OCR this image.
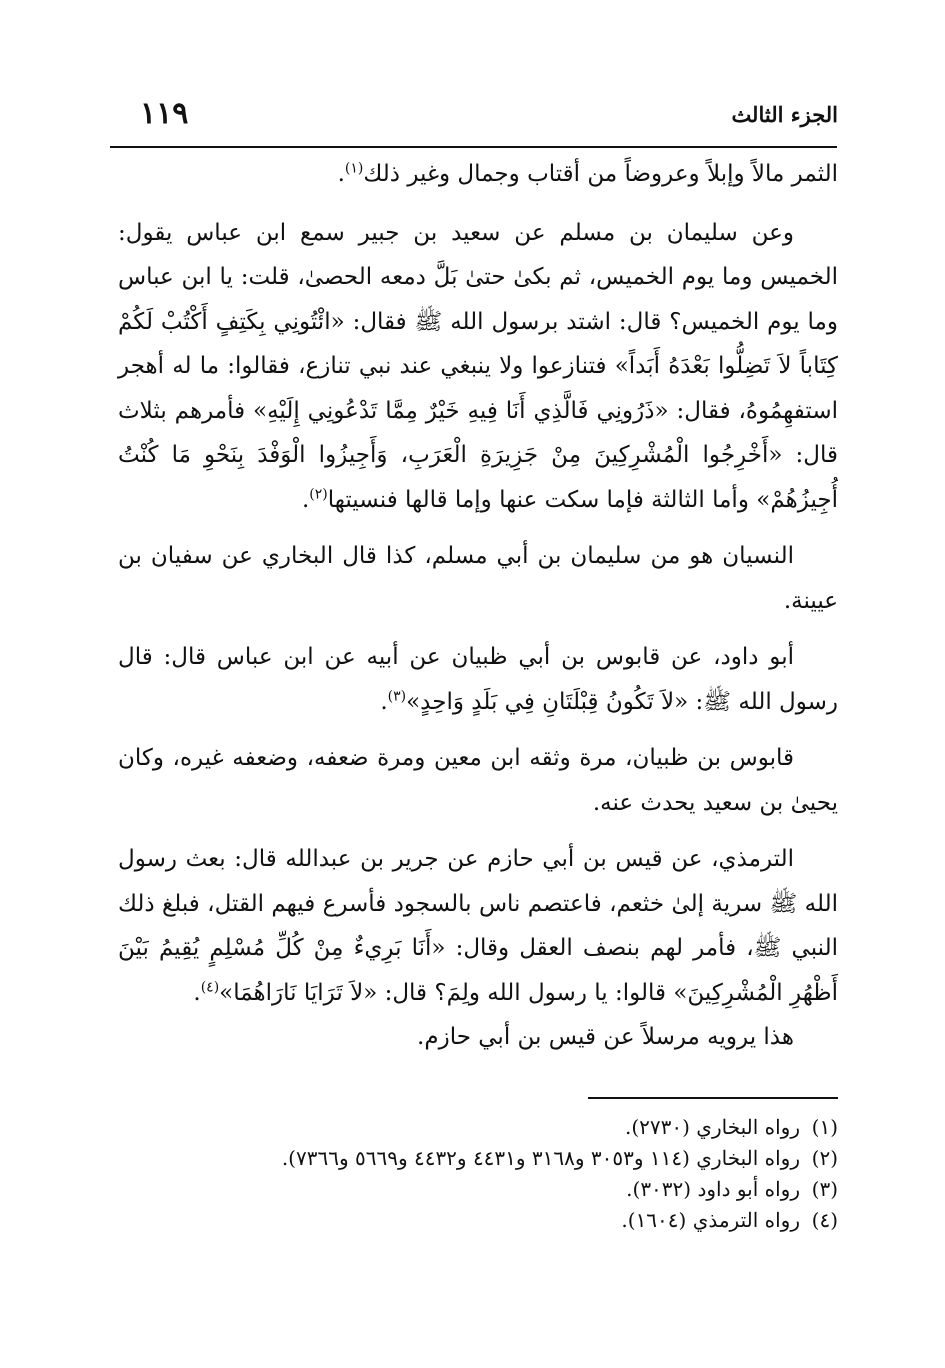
الجزء الثالث
١١٩

الثمر مالاً وإبلاً وعروضاً من أقتاب وجمال وغير ذلك$^{(١)}$.

وعن سليمان بن مسلم عن سعيد بن جبير سمع ابن عباس يقول: الخميس وما يوم الخميس، ثم بكىٰ حتىٰ بَلَّ دمعه الحصىٰ، قلت: يا ابن عباس وما يوم الخميس؟ قال: اشتد برسول الله ﷺ فقال: «ائْتُونِي بِكَتِفٍ أَكْتُبْ لَكُمْ كِتَاباً لاَ تَضِلُّوا بَعْدَهُ أَبَداً» فتنازعوا ولا ينبغي عند نبي تنازع، فقالوا: ما له أهجر استفهِمُوهُ، فقال: «ذَرُونِي فَالَّذِي أَنَا فِيهِ خَيْرٌ مِمَّا تَدْعُونِي إِلَيْهِ» فأمرهم بثلاث قال: «أَخْرِجُوا الْمُشْرِكِينَ مِنْ جَزِيرَةِ الْعَرَبِ، وَأَجِيزُوا الْوَفْدَ بِنَحْوِ مَا كُنْتُ أُجِيزُهُمْ» وأما الثالثة فإما سكت عنها وإما قالها فنسيتها$^{(٢)}$.

النسيان هو من سليمان بن أبي مسلم، كذا قال البخاري عن سفيان بن عيينة.

أبو داود، عن قابوس بن أبي ظبيان عن أبيه عن ابن عباس قال: قال رسول الله ﷺ: «لاَ تَكُونُ قِبْلَتَانِ فِي بَلَدٍ وَاحِدٍ»$^{(٣)}$.

قابوس بن ظبيان، مرة وثقه ابن معين ومرة ضعفه، وضعفه غيره، وكان يحيىٰ بن سعيد يحدث عنه.

الترمذي، عن قيس بن أبي حازم عن جرير بن عبدالله قال: بعث رسول الله ﷺ سرية إلىٰ خثعم، فاعتصم ناس بالسجود فأسرع فيهم القتل، فبلغ ذلك النبي ﷺ، فأمر لهم بنصف العقل وقال: «أَنَا بَرِيءٌ مِنْ كُلِّ مُسْلِمٍ يُقِيمُ بَيْنَ أَظْهُرِ الْمُشْرِكِينَ» قالوا: يا رسول الله ولِمَ؟ قال: «لاَ تَرَايَا نَارَاهُمَا»$^{(٤)}$.

هذا يرويه مرسلاً عن قيس بن أبي حازم.

(١)رواه البخاري (٢٧٣٠).
(٢)رواه البخاري (١١٤ و٣٠٥٣ و٣١٦٨ و٤٤٣١ و٤٤٣٢ و٥٦٦٩ و٧٣٦٦).
(٣)رواه أبو داود (٣٠٣٢).
(٤)رواه الترمذي (١٦٠٤).
